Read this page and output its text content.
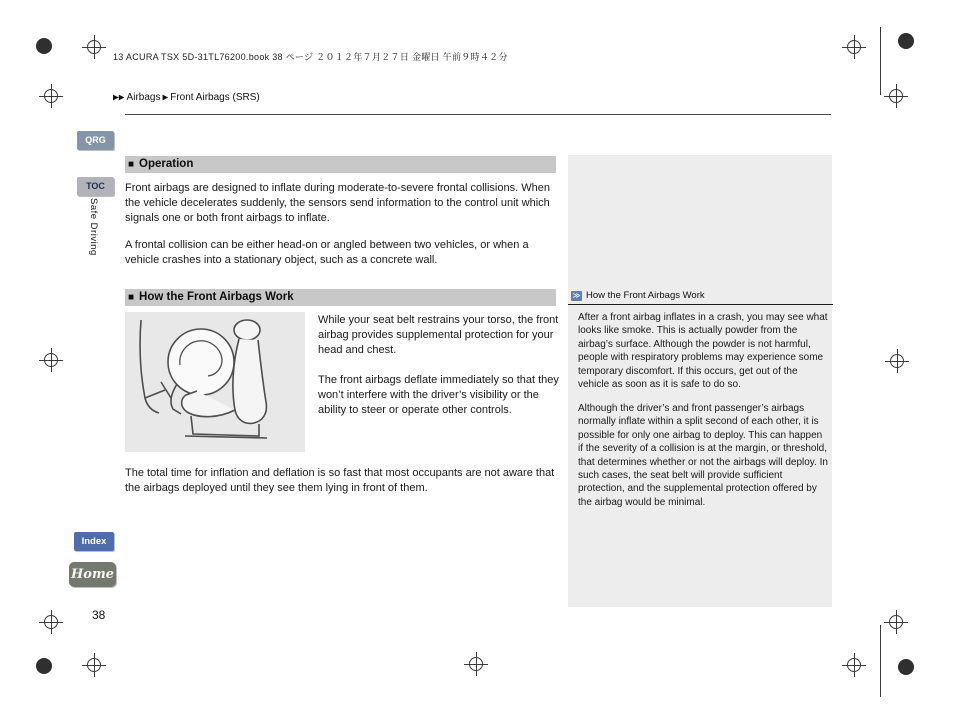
13 ACURA TSX 5D-31TL76200.book 38 ページ ２０１２年７月２７日 金曜日 午前９時４２分
▶▶ Airbags ▶ Front Airbags (SRS)
QRG
TOC
Safe Driving
Index
Home
38
■ Operation
Front airbags are designed to inflate during moderate-to-severe frontal collisions. When the vehicle decelerates suddenly, the sensors send information to the control unit which signals one or both front airbags to inflate.
A frontal collision can be either head-on or angled between two vehicles, or when a vehicle crashes into a stationary object, such as a concrete wall.
■ How the Front Airbags Work

While your seat belt restrains your torso, the front airbag provides supplemental protection for your head and chest.

The front airbags deflate immediately so that they won’t interfere with the driver’s visibility or the ability to steer or operate other controls.

The total time for inflation and deflation is so fast that most occupants are not aware that the airbags deployed until they see them lying in front of them.
≫ How the Front Airbags Work
After a front airbag inflates in a crash, you may see what looks like smoke. This is actually powder from the airbag’s surface. Although the powder is not harmful, people with respiratory problems may experience some temporary discomfort. If this occurs, get out of the vehicle as soon as it is safe to do so.
Although the driver’s and front passenger’s airbags normally inflate within a split second of each other, it is possible for only one airbag to deploy. This can happen if the severity of a collision is at the margin, or threshold, that determines whether or not the airbags will deploy. In such cases, the seat belt will provide sufficient protection, and the supplemental protection offered by the airbag would be minimal.
